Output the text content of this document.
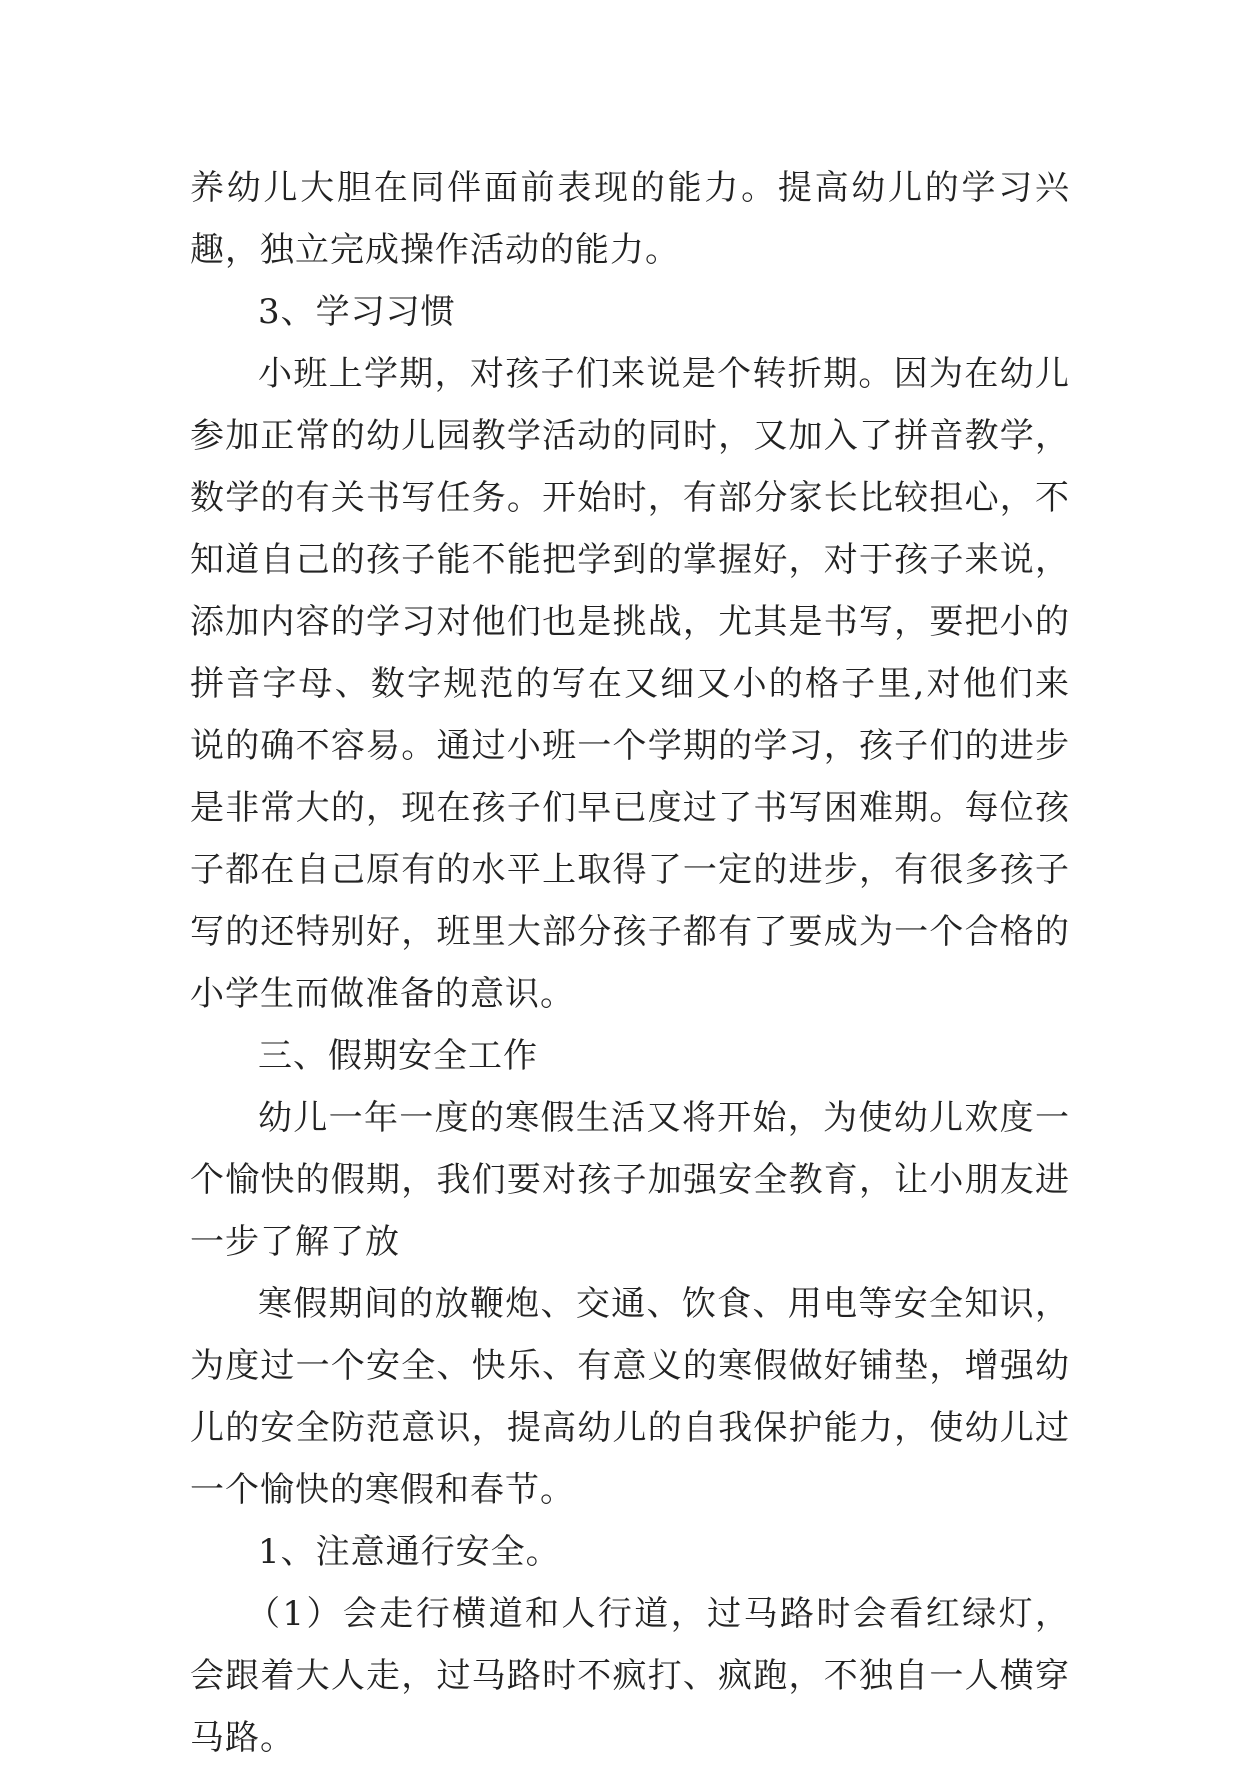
养幼儿大胆在同伴面前表现的能力。提高幼儿的学习兴趣，独立完成操作活动的能力。

3、学习习惯

小班上学期，对孩子们来说是个转折期。因为在幼儿参加正常的幼儿园教学活动的同时，又加入了拼音教学，数学的有关书写任务。开始时，有部分家长比较担心，不知道自己的孩子能不能把学到的掌握好，对于孩子来说，添加内容的学习对他们也是挑战，尤其是书写，要把小的拼音字母、数字规范的写在又细又小的格子里,对他们来说的确不容易。通过小班一个学期的学习，孩子们的进步是非常大的，现在孩子们早已度过了书写困难期。每位孩子都在自己原有的水平上取得了一定的进步，有很多孩子写的还特别好，班里大部分孩子都有了要成为一个合格的小学生而做准备的意识。

三、假期安全工作

幼儿一年一度的寒假生活又将开始，为使幼儿欢度一个愉快的假期，我们要对孩子加强安全教育，让小朋友进一步了解了放

寒假期间的放鞭炮、交通、饮食、用电等安全知识，为度过一个安全、快乐、有意义的寒假做好铺垫，增强幼儿的安全防范意识，提高幼儿的自我保护能力，使幼儿过一个愉快的寒假和春节。

1、注意通行安全。

（1）会走行横道和人行道，过马路时会看红绿灯，会跟着大人走，过马路时不疯打、疯跑，不独自一人横穿马路。
